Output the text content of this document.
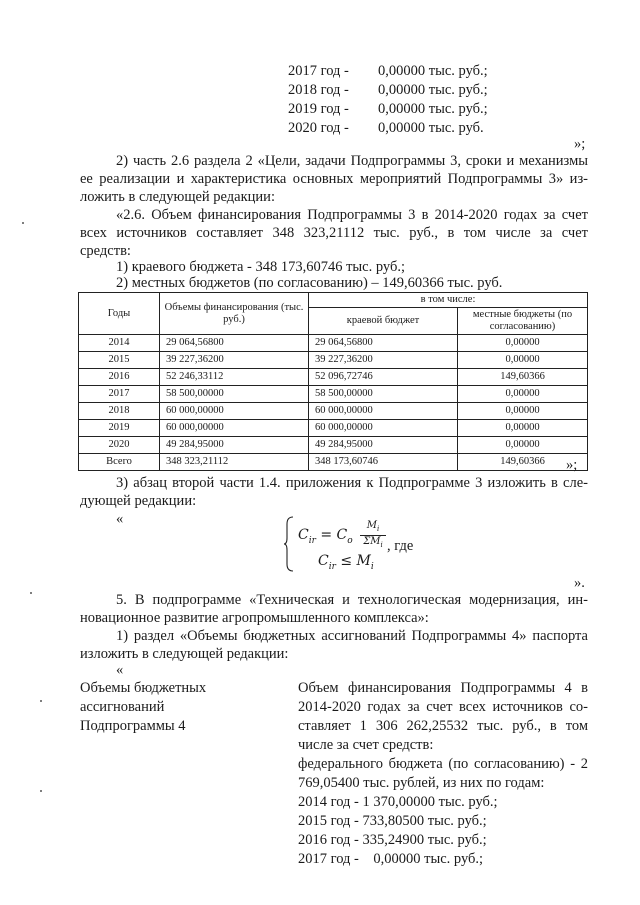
2017 год -	0,00000 тыс. руб.;
2018 год -	0,00000 тыс. руб.;
2019 год -	0,00000 тыс. руб.;
2020 год -	0,00000 тыс. руб.
»;
2) часть 2.6 раздела 2 «Цели, задачи Подпрограммы 3, сроки и механизмы
ее реализации и характеристика основных мероприятий Подпрограммы 3» из-
ложить в следующей редакции:
«2.6. Объем финансирования Подпрограммы 3 в 2014-2020 годах за счет
всех источников составляет 348 323,21112 тыс. руб., в том числе за счет
средств:
1) краевого бюджета - 348 173,60746 тыс. руб.;
2) местных бюджетов (по согласованию) – 149,60366 тыс. руб.
Годы	Объемы финансирования (тыс. руб.)	в том числе:	
		краевой бюджет	местные бюджеты (по согласованию)
2014	29 064,56800	29 064,56800	0,00000
2015	39 227,36200	39 227,36200	0,00000
2016	52 246,33112	52 096,72746	149,60366
2017	58 500,00000	58 500,00000	0,00000
2018	60 000,00000	60 000,00000	0,00000
2019	60 000,00000	60 000,00000	0,00000
2020	49 284,95000	49 284,95000	0,00000
Всего	348 323,21112	348 173,60746	149,60366 »;
3) абзац второй части 1.4. приложения к Подпрограмме 3 изложить в сле-
дующей редакции:
«
$C_{ir} = C_o$
$M_i$
$\Sigma M_i$ , где
$C_{ir} \le M_i$
».
5. В подпрограмме «Техническая и технологическая модернизация, ин-
новационное развитие агропромышленного комплекса»:
1) раздел «Объемы бюджетных ассигнований Подпрограммы 4» паспорта
изложить в следующей редакции:
«
Объемы бюджетных
ассигнований
Подпрограммы 4
Объем финансирования Подпрограммы 4 в
2014-2020 годах за счет всех источников со-
ставляет 1 306 262,25532 тыс. руб., в том
числе за счет средств:
федерального бюджета (по согласованию) - 2
769,05400 тыс. рублей, из них по годам:
2014 год - 1 370,00000 тыс. руб.;
2015 год - 733,80500 тыс. руб.;
2016 год - 335,24900 тыс. руб.;
2017 год -    0,00000 тыс. руб.;
